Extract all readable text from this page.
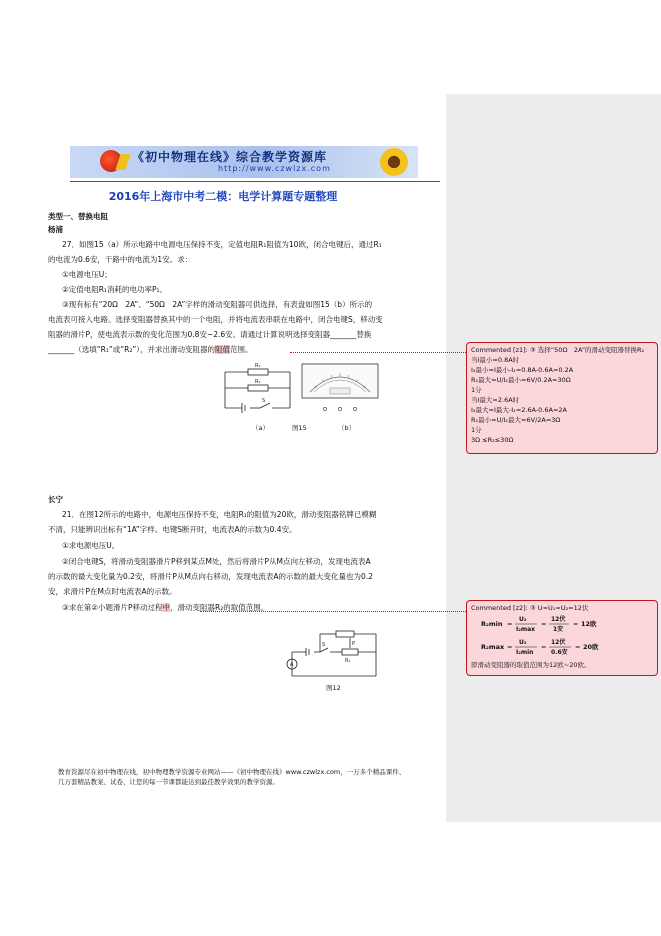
《初中物理在线》综合教学资源库
http://www.czwlzx.com
2016年上海市中考二模：电学计算题专题整理
类型一、替换电阻
杨浦
27．如图15（a）所示电路中电源电压保持不变，定值电阻R₁阻值为10欧，闭合电键后，通过R₁
的电流为0.6安，干路中的电流为1安。求：
①电源电压U；
②定值电阻R₁消耗的电功率P₁。
③现有标有“20Ω　2A”、“50Ω　2A”字样的滑动变阻器可供选择，有表盘如图15（b）所示的
电流表可接入电路。选择变阻器替换其中的一个电阻，并将电流表串联在电路中，闭合电键S，移动变
阻器的滑片P，使电流表示数的变化范围为0.8安~2.6安。请通过计算说明选择变阻器_______替换
_______（选填“R₁”或“R₂”），并求出滑动变阻器的阻值范围。
R₁
R₂
S
（a）	图15	（b）
长宁
21．在图12所示的电路中，电源电压保持不变，电阻R₁的阻值为20欧，滑动变阻器铭牌已模糊
不清，只能辨识出标有“1A”字样。电键S断开时，电流表A的示数为0.4安。
①求电源电压U。
②闭合电键S，将滑动变阻器滑片P移到某点M处，然后将滑片P从M点向左移动，发现电流表A
的示数的最大变化量为0.2安，将滑片P从M点向右移动，发现电流表A的示数的最大变化量也为0.2
安，求滑片P在M点时电流表A的示数。
③求在第②小题滑片P移动过程中，滑动变阻器R₂的取值范围。
A
S
R₁
P
图12
Commented [z1]: ③ 选择“50Ω　2A”的滑动变阻器替换R₂
当I最小=0.8A时
I₂最小=I最小-I₁=0.8A-0.6A=0.2A
R₂最大=U/I₂最小=6V/0.2A=30Ω
1分
当I最大=2.6A时
I₂最大=I最大-I₁=2.6A-0.6A=2A
R₂最小=U/I₂最大=6V/2A=3Ω
1分
3Ω ≤R₂≤30Ω
Commented [z2]: ③ U=U₁=U₂=12伏
R₂min =
U₂
I₂max
=
12伏
1安
= 12欧
R₂max =
U₂
I₂min
=
12伏
0.6安
= 20欧
即滑动变阻器的取值范围为12欧~20欧。
教育资源尽在初中物理在线，初中物理教学资源专业网站——《初中物理在线》www.czwlzx.com，一万多个精品课件、
几万套精品教案、试卷、让您的每一节课都能达到最佳教学效果的教学资源。
